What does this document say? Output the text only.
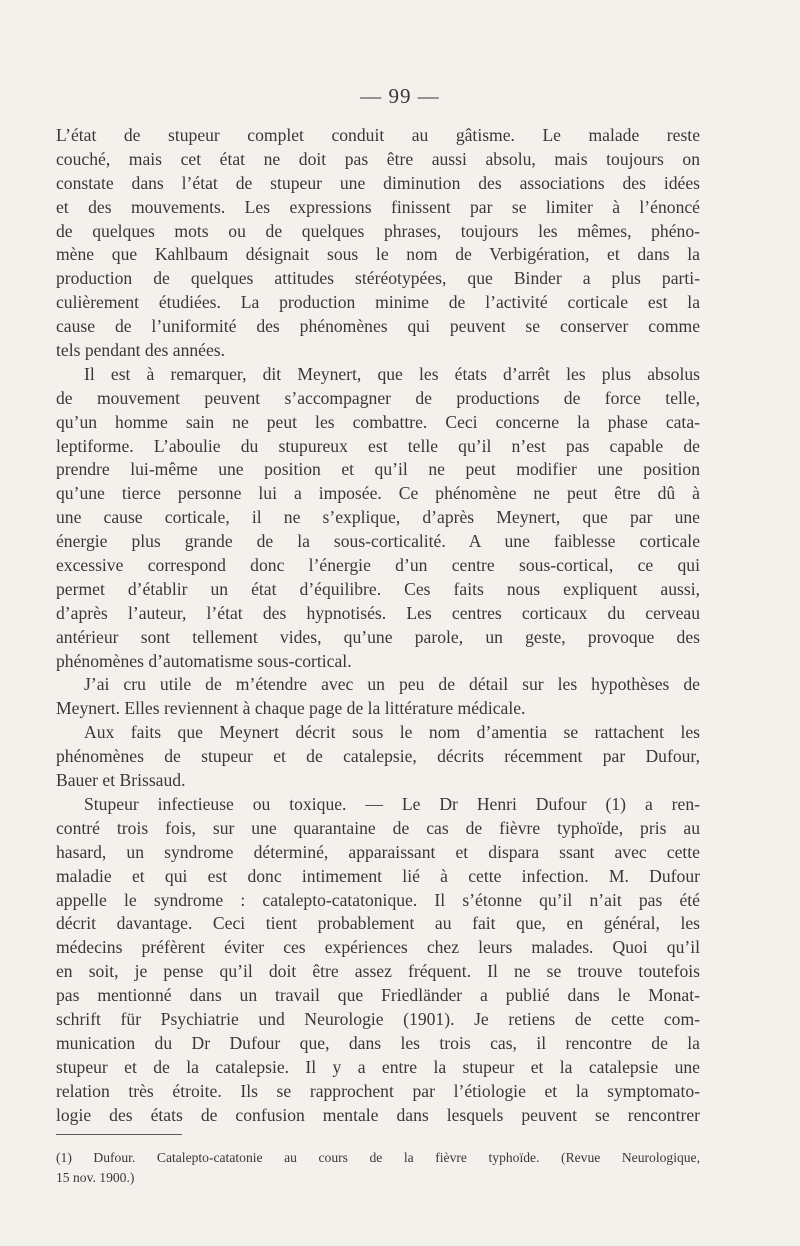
— 99 —
L’état de stupeur complet conduit au gâtisme. Le malade reste
couché, mais cet état ne doit pas être aussi absolu, mais toujours on
constate dans l’état de stupeur une diminution des associations des idées
et des mouvements. Les expressions finissent par se limiter à l’énoncé
de quelques mots ou de quelques phrases, toujours les mêmes, phéno-
mène que Kahlbaum désignait sous le nom de Verbigération, et dans la
production de quelques attitudes stéréotypées, que Binder a plus parti-
culièrement étudiées. La production minime de l’activité corticale est la
cause de l’uniformité des phénomènes qui peuvent se conserver comme
tels pendant des années.
Il est à remarquer, dit Meynert, que les états d’arrêt les plus absolus
de mouvement peuvent s’accompagner de productions de force telle,
qu’un homme sain ne peut les combattre. Ceci concerne la phase cata-
leptiforme. L’aboulie du stupureux est telle qu’il n’est pas capable de
prendre lui-même une position et qu’il ne peut modifier une position
qu’une tierce personne lui a imposée. Ce phénomène ne peut être dû à
une cause corticale, il ne s’explique, d’après Meynert, que par une
énergie plus grande de la sous-corticalité. A une faiblesse corticale
excessive correspond donc l’énergie d’un centre sous-cortical, ce qui
permet d’établir un état d’équilibre. Ces faits nous expliquent aussi,
d’après l’auteur, l’état des hypnotisés. Les centres corticaux du cerveau
antérieur sont tellement vides, qu’une parole, un geste, provoque des
phénomènes d’automatisme sous-cortical.
J’ai cru utile de m’étendre avec un peu de détail sur les hypothèses de
Meynert. Elles reviennent à chaque page de la littérature médicale.
Aux faits que Meynert décrit sous le nom d’amentia se rattachent les
phénomènes de stupeur et de catalepsie, décrits récemment par Dufour,
Bauer et Brissaud.
Stupeur infectieuse ou toxique. — Le Dr Henri Dufour (1) a ren-
contré trois fois, sur une quarantaine de cas de fièvre typhoïde, pris au
hasard, un syndrome déterminé, apparaissant et dispara ssant avec cette
maladie et qui est donc intimement lié à cette infection. M. Dufour
appelle le syndrome : catalepto-catatonique. Il s’étonne qu’il n’ait pas été
décrit davantage. Ceci tient probablement au fait que, en général, les
médecins préfèrent éviter ces expériences chez leurs malades. Quoi qu’il
en soit, je pense qu’il doit être assez fréquent. Il ne se trouve toutefois
pas mentionné dans un travail que Friedländer a publié dans le Monat-
schrift für Psychiatrie und Neurologie (1901). Je retiens de cette com-
munication du Dr Dufour que, dans les trois cas, il rencontre de la
stupeur et de la catalepsie. Il y a entre la stupeur et la catalepsie une
relation très étroite. Ils se rapprochent par l’étiologie et la symptomato-
logie des états de confusion mentale dans lesquels peuvent se rencontrer
(1) Dufour. Catalepto-catatonie au cours de la fièvre typhoïde. (Revue Neurologique,
15 nov. 1900.)
